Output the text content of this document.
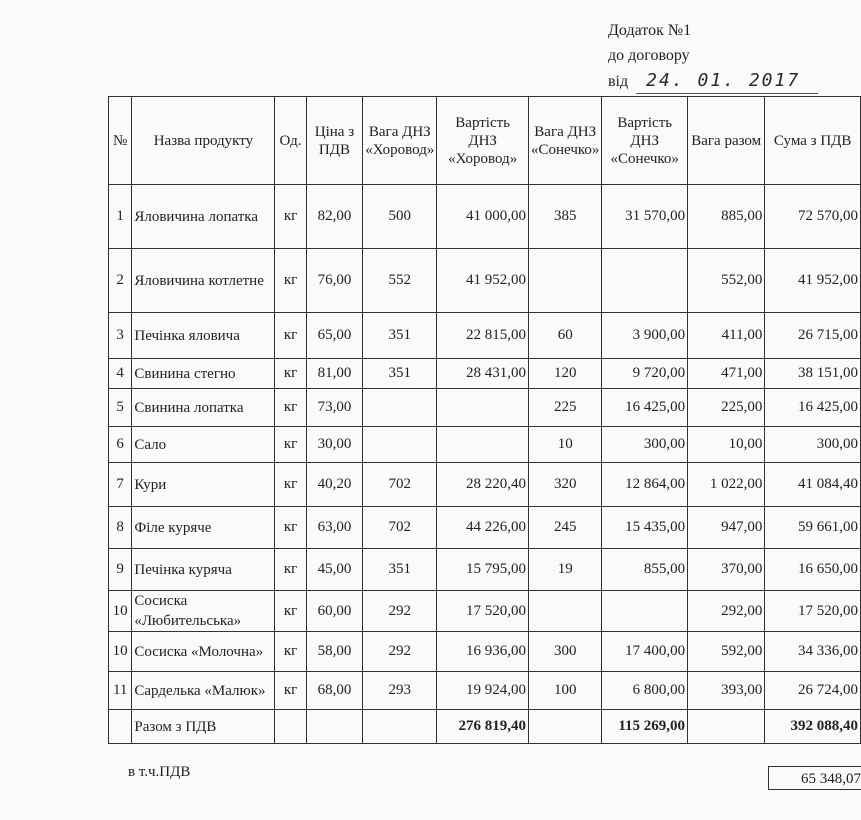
Додаток №1
до договору
від 24. 01. 2017
№	Назва продукту	Од.	Ціна з ПДВ	Вага ДНЗ «Хоровод»	Вартість ДНЗ «Хоровод»	Вага ДНЗ «Сонечко»	Вартість ДНЗ «Сонечко»	Вага разом	Сума з ПДВ
1	Яловичина лопатка	кг	82,00	500	41 000,00	385	31 570,00	885,00	72 570,00
2	Яловичина котлетне	кг	76,00	552	41 952,00			552,00	41 952,00
3	Печінка яловича	кг	65,00	351	22 815,00	60	3 900,00	411,00	26 715,00
4	Свинина стегно	кг	81,00	351	28 431,00	120	9 720,00	471,00	38 151,00
5	Свинина лопатка	кг	73,00			225	16 425,00	225,00	16 425,00
6	Сало	кг	30,00			10	300,00	10,00	300,00
7	Кури	кг	40,20	702	28 220,40	320	12 864,00	1 022,00	41 084,40
8	Філе куряче	кг	63,00	702	44 226,00	245	15 435,00	947,00	59 661,00
9	Печінка куряча	кг	45,00	351	15 795,00	19	855,00	370,00	16 650,00
10	Сосиска «Любительська»	кг	60,00	292	17 520,00			292,00	17 520,00
10	Сосиска «Молочна»	кг	58,00	292	16 936,00	300	17 400,00	592,00	34 336,00
11	Сарделька «Малюк»	кг	68,00	293	19 924,00	100	6 800,00	393,00	26 724,00
	Разом з ПДВ				276 819,40		115 269,00		392 088,40
в т.ч.ПДВ	65 348,07
